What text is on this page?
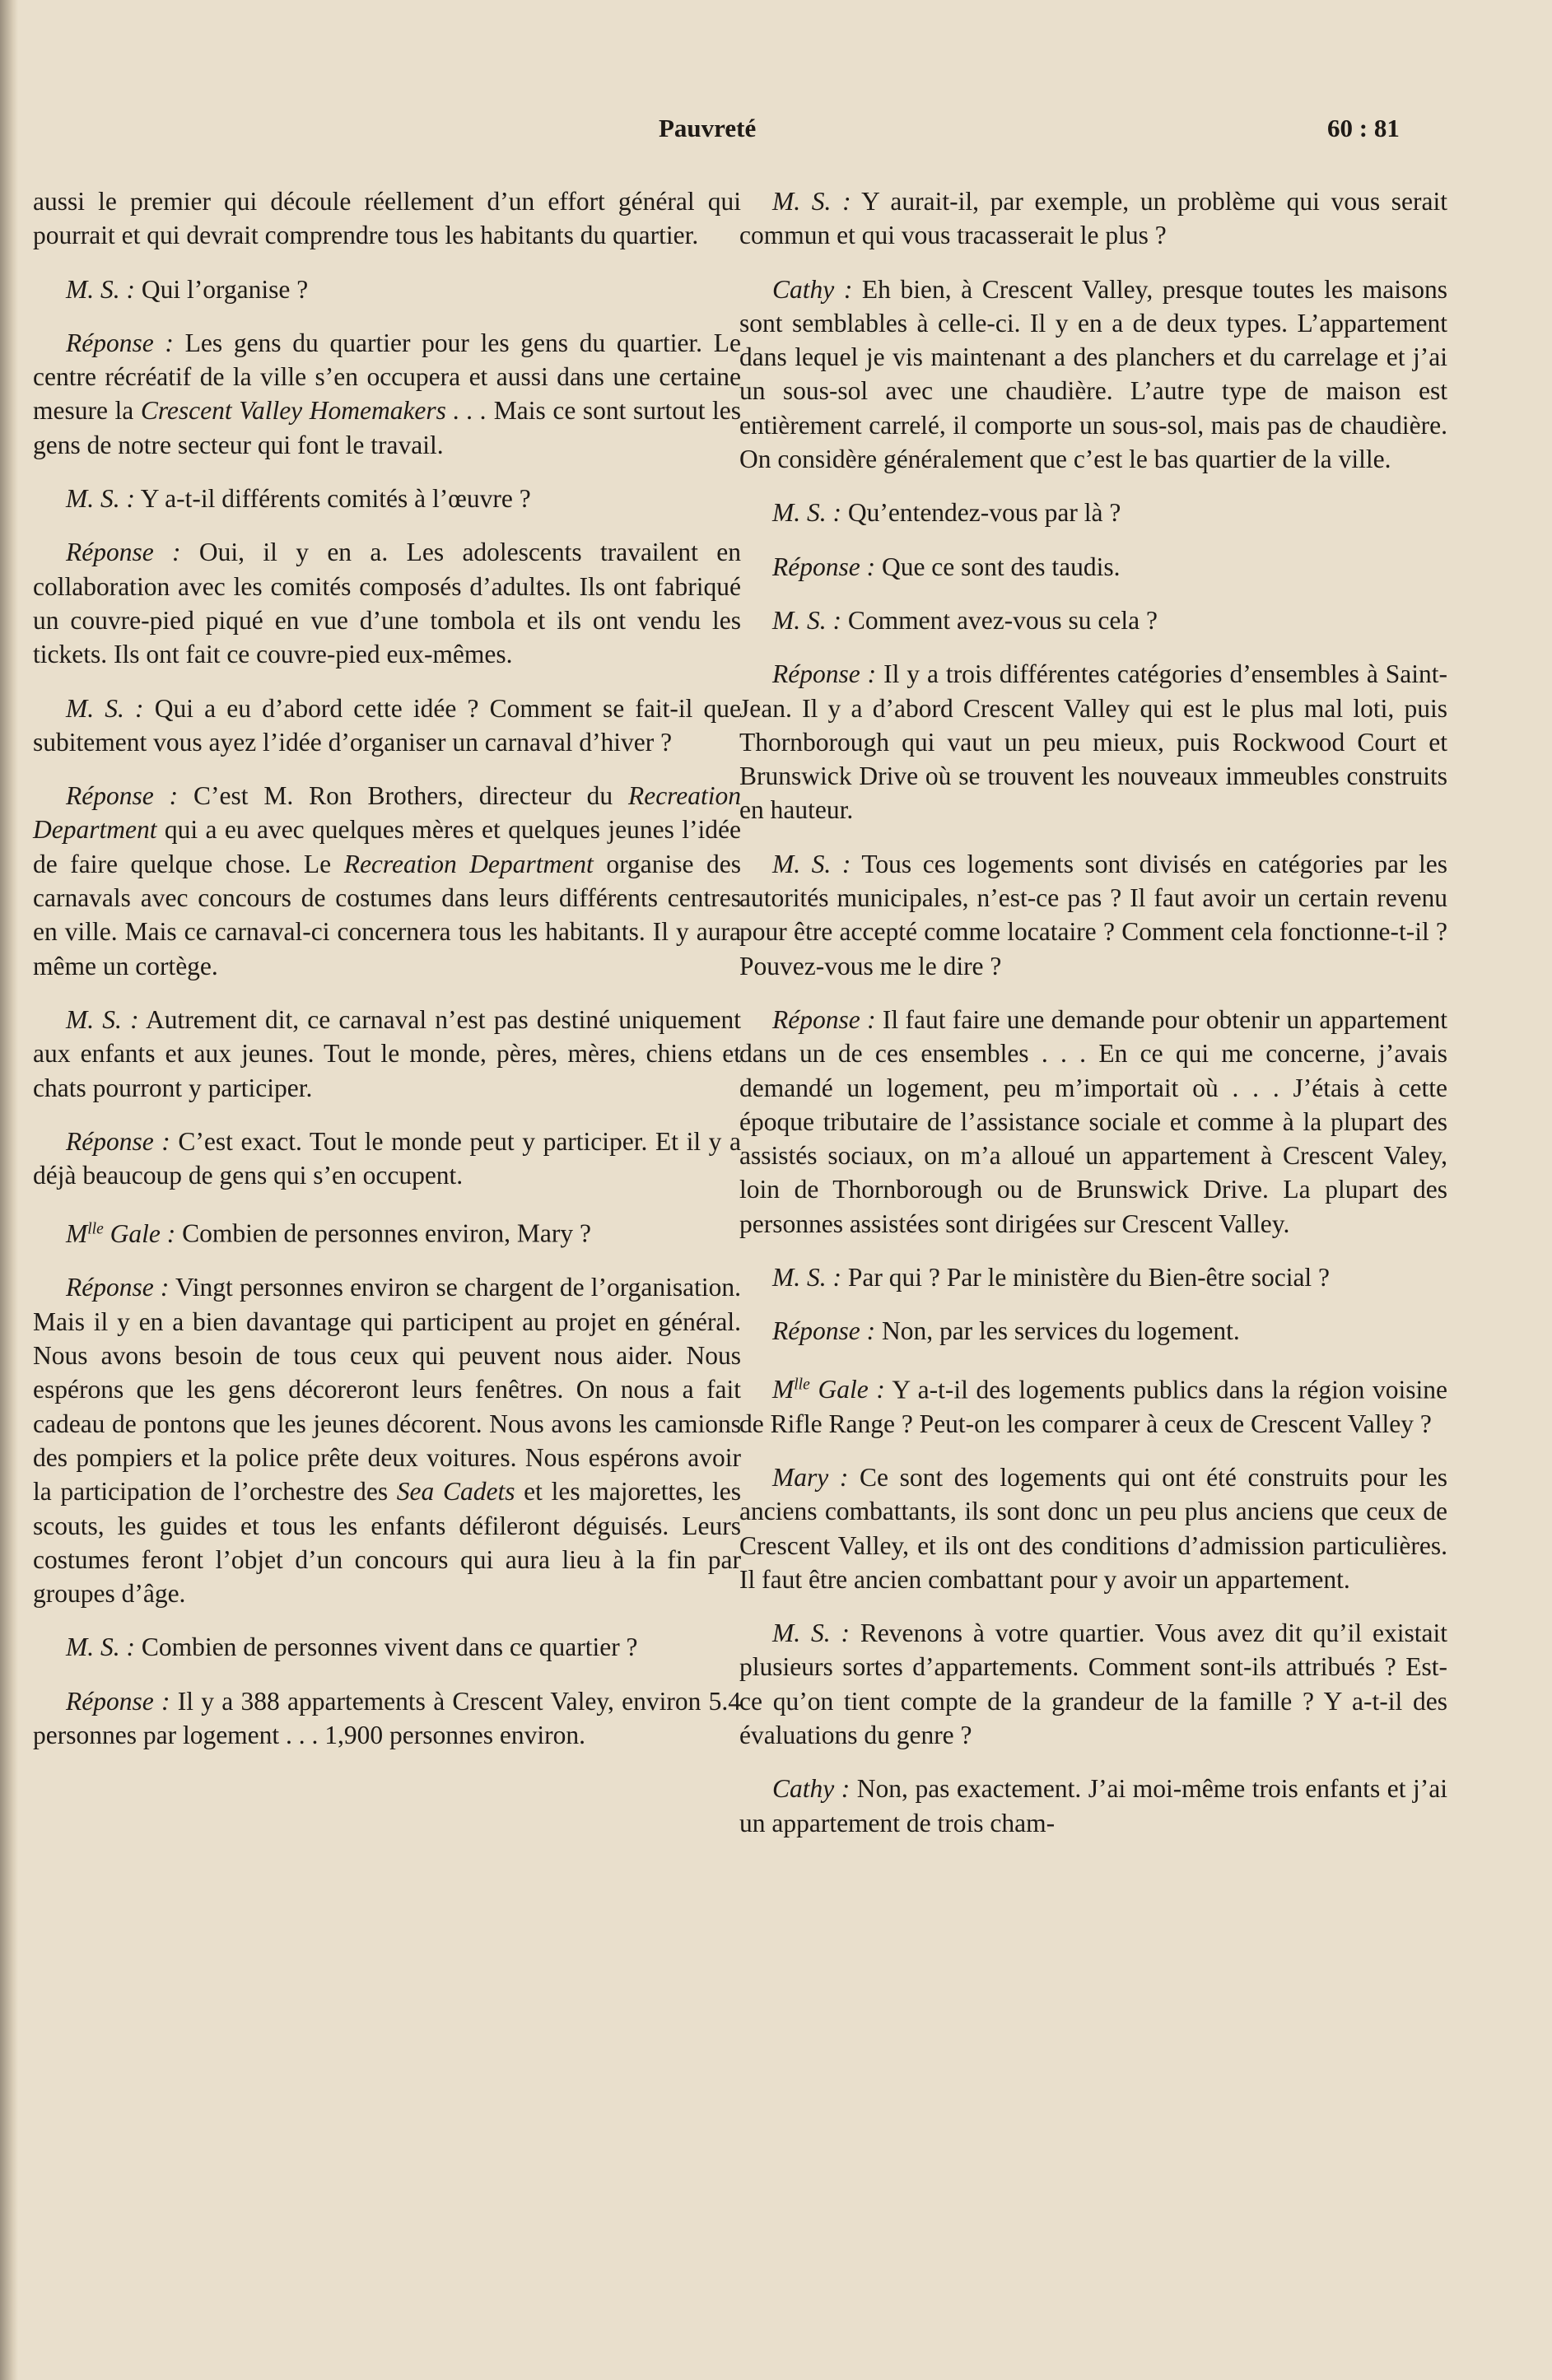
Pauvreté	60 : 81

aussi le premier qui découle réellement d’un effort général qui pourrait et qui devrait comprendre tous les habitants du quartier.

M. S. : Qui l’organise ?

Réponse : Les gens du quartier pour les gens du quartier. Le centre récréatif de la ville s’en occupera et aussi dans une certaine mesure la Crescent Valley Homemakers . . . Mais ce sont surtout les gens de notre secteur qui font le travail.

M. S. : Y a-t-il différents comités à l’œuvre ?

Réponse : Oui, il y en a. Les adolescents travailent en collaboration avec les comités composés d’adultes. Ils ont fabriqué un couvre-pied piqué en vue d’une tombola et ils ont vendu les tickets. Ils ont fait ce couvre-pied eux-mêmes.

M. S. : Qui a eu d’abord cette idée ? Comment se fait-il que subitement vous ayez l’idée d’organiser un carnaval d’hiver ?

Réponse : C’est M. Ron Brothers, directeur du Recreation Department qui a eu avec quelques mères et quelques jeunes l’idée de faire quelque chose. Le Recreation Department organise des carnavals avec concours de costumes dans leurs différents centres en ville. Mais ce carnaval-ci concernera tous les habitants. Il y aura même un cortège.

M. S. : Autrement dit, ce carnaval n’est pas destiné uniquement aux enfants et aux jeunes. Tout le monde, pères, mères, chiens et chats pourront y participer.

Réponse : C’est exact. Tout le monde peut y participer. Et il y a déjà beaucoup de gens qui s’en occupent.

$M^{lle}$ Gale : Combien de personnes environ, Mary ?

Réponse : Vingt personnes environ se chargent de l’organisation. Mais il y en a bien davantage qui participent au projet en général. Nous avons besoin de tous ceux qui peuvent nous aider. Nous espérons que les gens décoreront leurs fenêtres. On nous a fait cadeau de pontons que les jeunes décorent. Nous avons les camions des pompiers et la police prête deux voitures. Nous espérons avoir la participation de l’orchestre des Sea Cadets et les majorettes, les scouts, les guides et tous les enfants défileront déguisés. Leurs costumes feront l’objet d’un concours qui aura lieu à la fin par groupes d’âge.

M. S. : Combien de personnes vivent dans ce quartier ?

Réponse : Il y a 388 appartements à Crescent Valey, environ 5.4 personnes par logement . . . 1,900 personnes environ.

M. S. : Y aurait-il, par exemple, un problème qui vous serait commun et qui vous tracasserait le plus ?

Cathy : Eh bien, à Crescent Valley, presque toutes les maisons sont semblables à celle-ci. Il y en a de deux types. L’appartement dans lequel je vis maintenant a des planchers et du carrelage et j’ai un sous-sol avec une chaudière. L’autre type de maison est entièrement carrelé, il comporte un sous-sol, mais pas de chaudière. On considère généralement que c’est le bas quartier de la ville.

M. S. : Qu’entendez-vous par là ?

Réponse : Que ce sont des taudis.

M. S. : Comment avez-vous su cela ?

Réponse : Il y a trois différentes catégories d’ensembles à Saint-Jean. Il y a d’abord Crescent Valley qui est le plus mal loti, puis Thornborough qui vaut un peu mieux, puis Rockwood Court et Brunswick Drive où se trouvent les nouveaux immeubles construits en hauteur.

M. S. : Tous ces logements sont divisés en catégories par les autorités municipales, n’est-ce pas ? Il faut avoir un certain revenu pour être accepté comme locataire ? Comment cela fonctionne-t-il ? Pouvez-vous me le dire ?

Réponse : Il faut faire une demande pour obtenir un appartement dans un de ces ensembles . . . En ce qui me concerne, j’avais demandé un logement, peu m’importait où . . . J’étais à cette époque tributaire de l’assistance sociale et comme à la plupart des assistés sociaux, on m’a alloué un appartement à Crescent Valey, loin de Thornborough ou de Brunswick Drive. La plupart des personnes assistées sont dirigées sur Crescent Valley.

M. S. : Par qui ? Par le ministère du Bien-être social ?

Réponse : Non, par les services du logement.

$M^{lle}$ Gale : Y a-t-il des logements publics dans la région voisine de Rifle Range ? Peut-on les comparer à ceux de Crescent Valley ?

Mary : Ce sont des logements qui ont été construits pour les anciens combattants, ils sont donc un peu plus anciens que ceux de Crescent Valley, et ils ont des conditions d’admission particulières. Il faut être ancien combattant pour y avoir un appartement.

M. S. : Revenons à votre quartier. Vous avez dit qu’il existait plusieurs sortes d’appartements. Comment sont-ils attribués ? Est-ce qu’on tient compte de la grandeur de la famille ? Y a-t-il des évaluations du genre ?

Cathy : Non, pas exactement. J’ai moi-même trois enfants et j’ai un appartement de trois cham-
